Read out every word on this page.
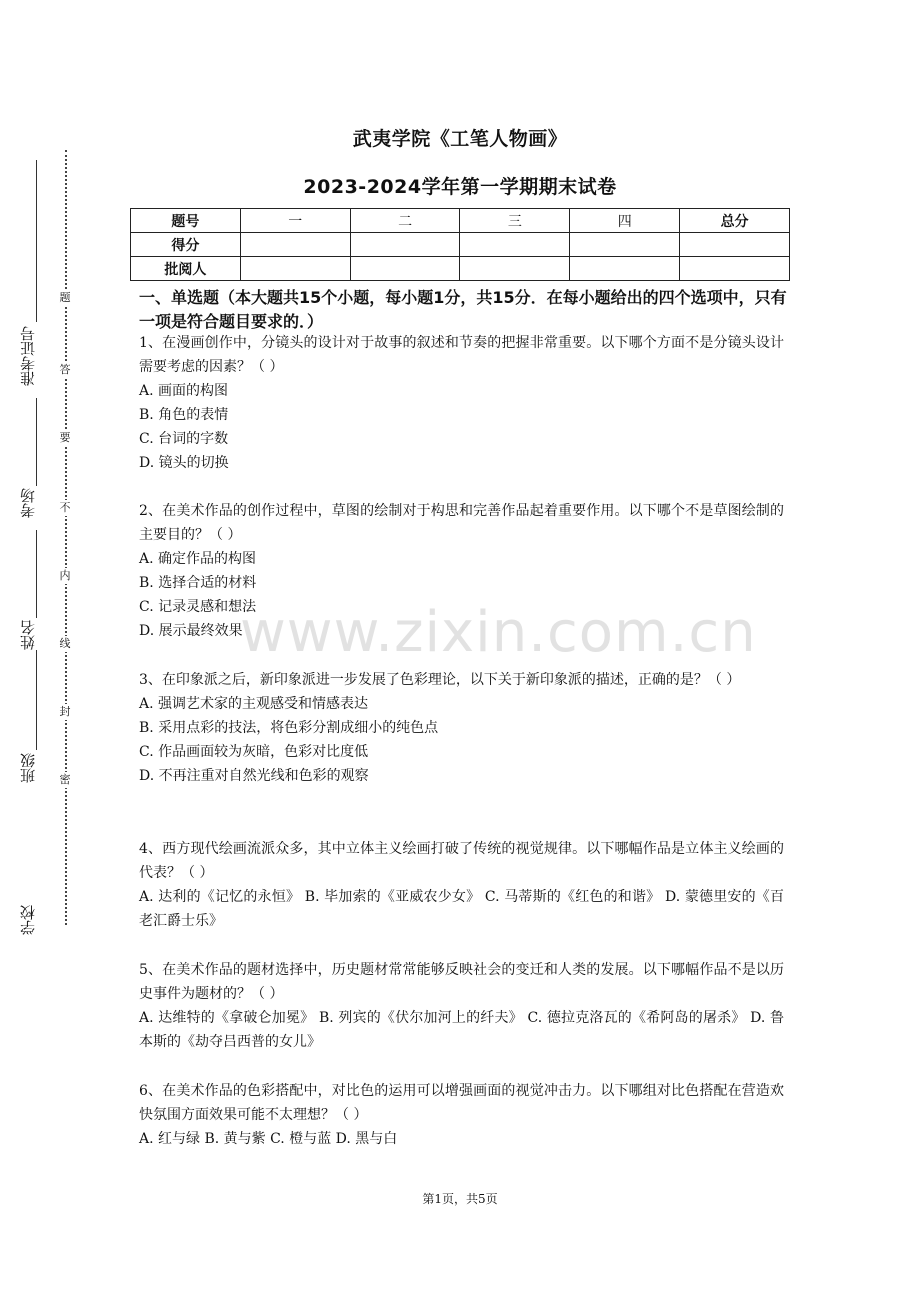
密
封
线
内
不
要
答
题
学校
班级
姓名
考场
准考证号
武夷学院《工笔人物画》
2023-2024学年第一学期期末试卷
题号	一	二	三	四	总分
得分					
批阅人					
一、单选题（本大题共15个小题，每小题1分，共15分．在每小题给出的四个选项中，只有一项是符合题目要求的．）
1、在漫画创作中，分镜头的设计对于故事的叙述和节奏的把握非常重要。以下哪个方面不是分镜头设计需要考虑的因素？（ ）
A. 画面的构图
B. 角色的表情
C. 台词的字数
D. 镜头的切换
2、在美术作品的创作过程中，草图的绘制对于构思和完善作品起着重要作用。以下哪个不是草图绘制的主要目的？（ ）
A. 确定作品的构图
B. 选择合适的材料
C. 记录灵感和想法
D. 展示最终效果
3、在印象派之后，新印象派进一步发展了色彩理论，以下关于新印象派的描述，正确的是？（ ）
A. 强调艺术家的主观感受和情感表达
B. 采用点彩的技法，将色彩分割成细小的纯色点
C. 作品画面较为灰暗，色彩对比度低
D. 不再注重对自然光线和色彩的观察
4、西方现代绘画流派众多，其中立体主义绘画打破了传统的视觉规律。以下哪幅作品是立体主义绘画的代表？（ ）
A. 达利的《记忆的永恒》 B. 毕加索的《亚威农少女》 C. 马蒂斯的《红色的和谐》 D. 蒙德里安的《百老汇爵士乐》
5、在美术作品的题材选择中，历史题材常常能够反映社会的变迁和人类的发展。以下哪幅作品不是以历史事件为题材的？（ ）
A. 达维特的《拿破仑加冕》 B. 列宾的《伏尔加河上的纤夫》 C. 德拉克洛瓦的《希阿岛的屠杀》 D. 鲁本斯的《劫夺吕西普的女儿》
6、在美术作品的色彩搭配中，对比色的运用可以增强画面的视觉冲击力。以下哪组对比色搭配在营造欢快氛围方面效果可能不太理想？（ ）
A. 红与绿 B. 黄与紫 C. 橙与蓝 D. 黑与白
www.zixin.com.cn
第1页，共5页
